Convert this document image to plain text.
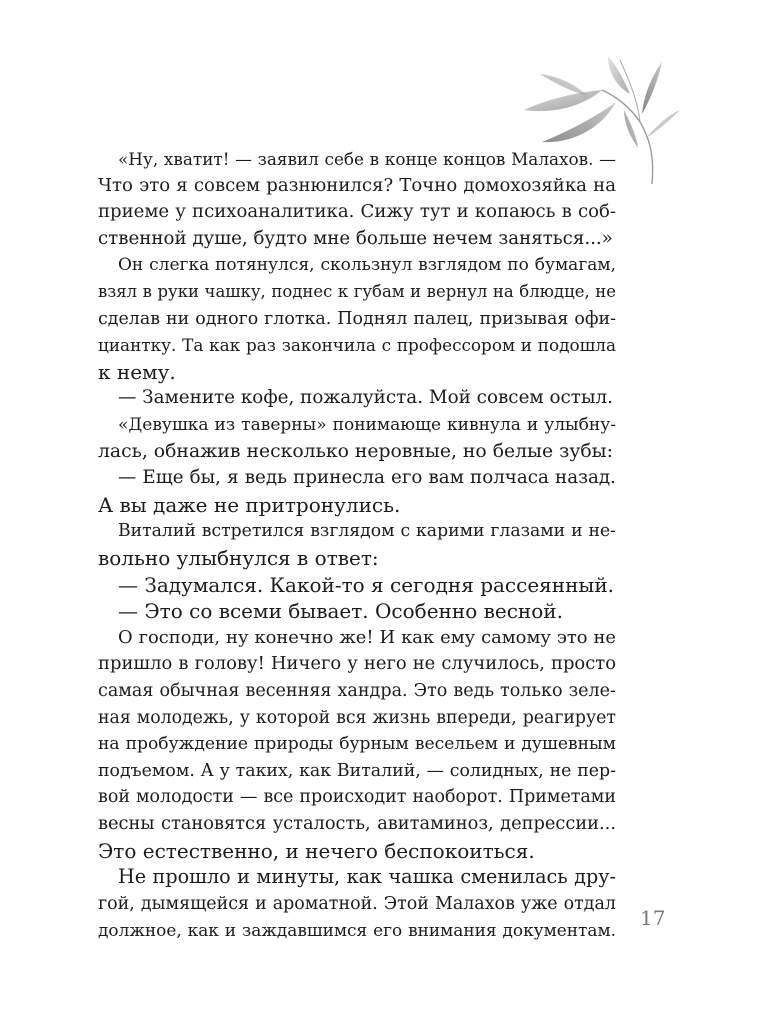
«Ну, хватит! — заявил себе в конце концов Малахов. —
Что это я совсем разнюнился? Точно домохозяйка на
приеме у психоаналитика. Сижу тут и копаюсь в соб-
ственной душе, будто мне больше нечем заняться...»
Он слегка потянулся, скользнул взглядом по бумагам,
взял в руки чашку, поднес к губам и вернул на блюдце, не
сделав ни одного глотка. Поднял палец, призывая офи-
циантку. Та как раз закончила с профессором и подошла
к нему.
— Замените кофе, пожалуйста. Мой совсем остыл.
«Девушка из таверны» понимающе кивнула и улыбну-
лась, обнажив несколько неровные, но белые зубы:
— Еще бы, я ведь принесла его вам полчаса назад.
А вы даже не притронулись.
Виталий встретился взглядом с карими глазами и не-
вольно улыбнулся в ответ:
— Задумался. Какой-то я сегодня рассеянный.
— Это со всеми бывает. Особенно весной.
О господи, ну конечно же! И как ему самому это не
пришло в голову! Ничего у него не случилось, просто
самая обычная весенняя хандра. Это ведь только зеле-
ная молодежь, у которой вся жизнь впереди, реагирует
на пробуждение природы бурным весельем и душевным
подъемом. А у таких, как Виталий, — солидных, не пер-
вой молодости — все происходит наоборот. Приметами
весны становятся усталость, авитаминоз, депрессии...
Это естественно, и нечего беспокоиться.
Не прошло и минуты, как чашка сменилась дру-
гой, дымящейся и ароматной. Этой Малахов уже отдал
должное, как и заждавшимся его внимания документам.
17
